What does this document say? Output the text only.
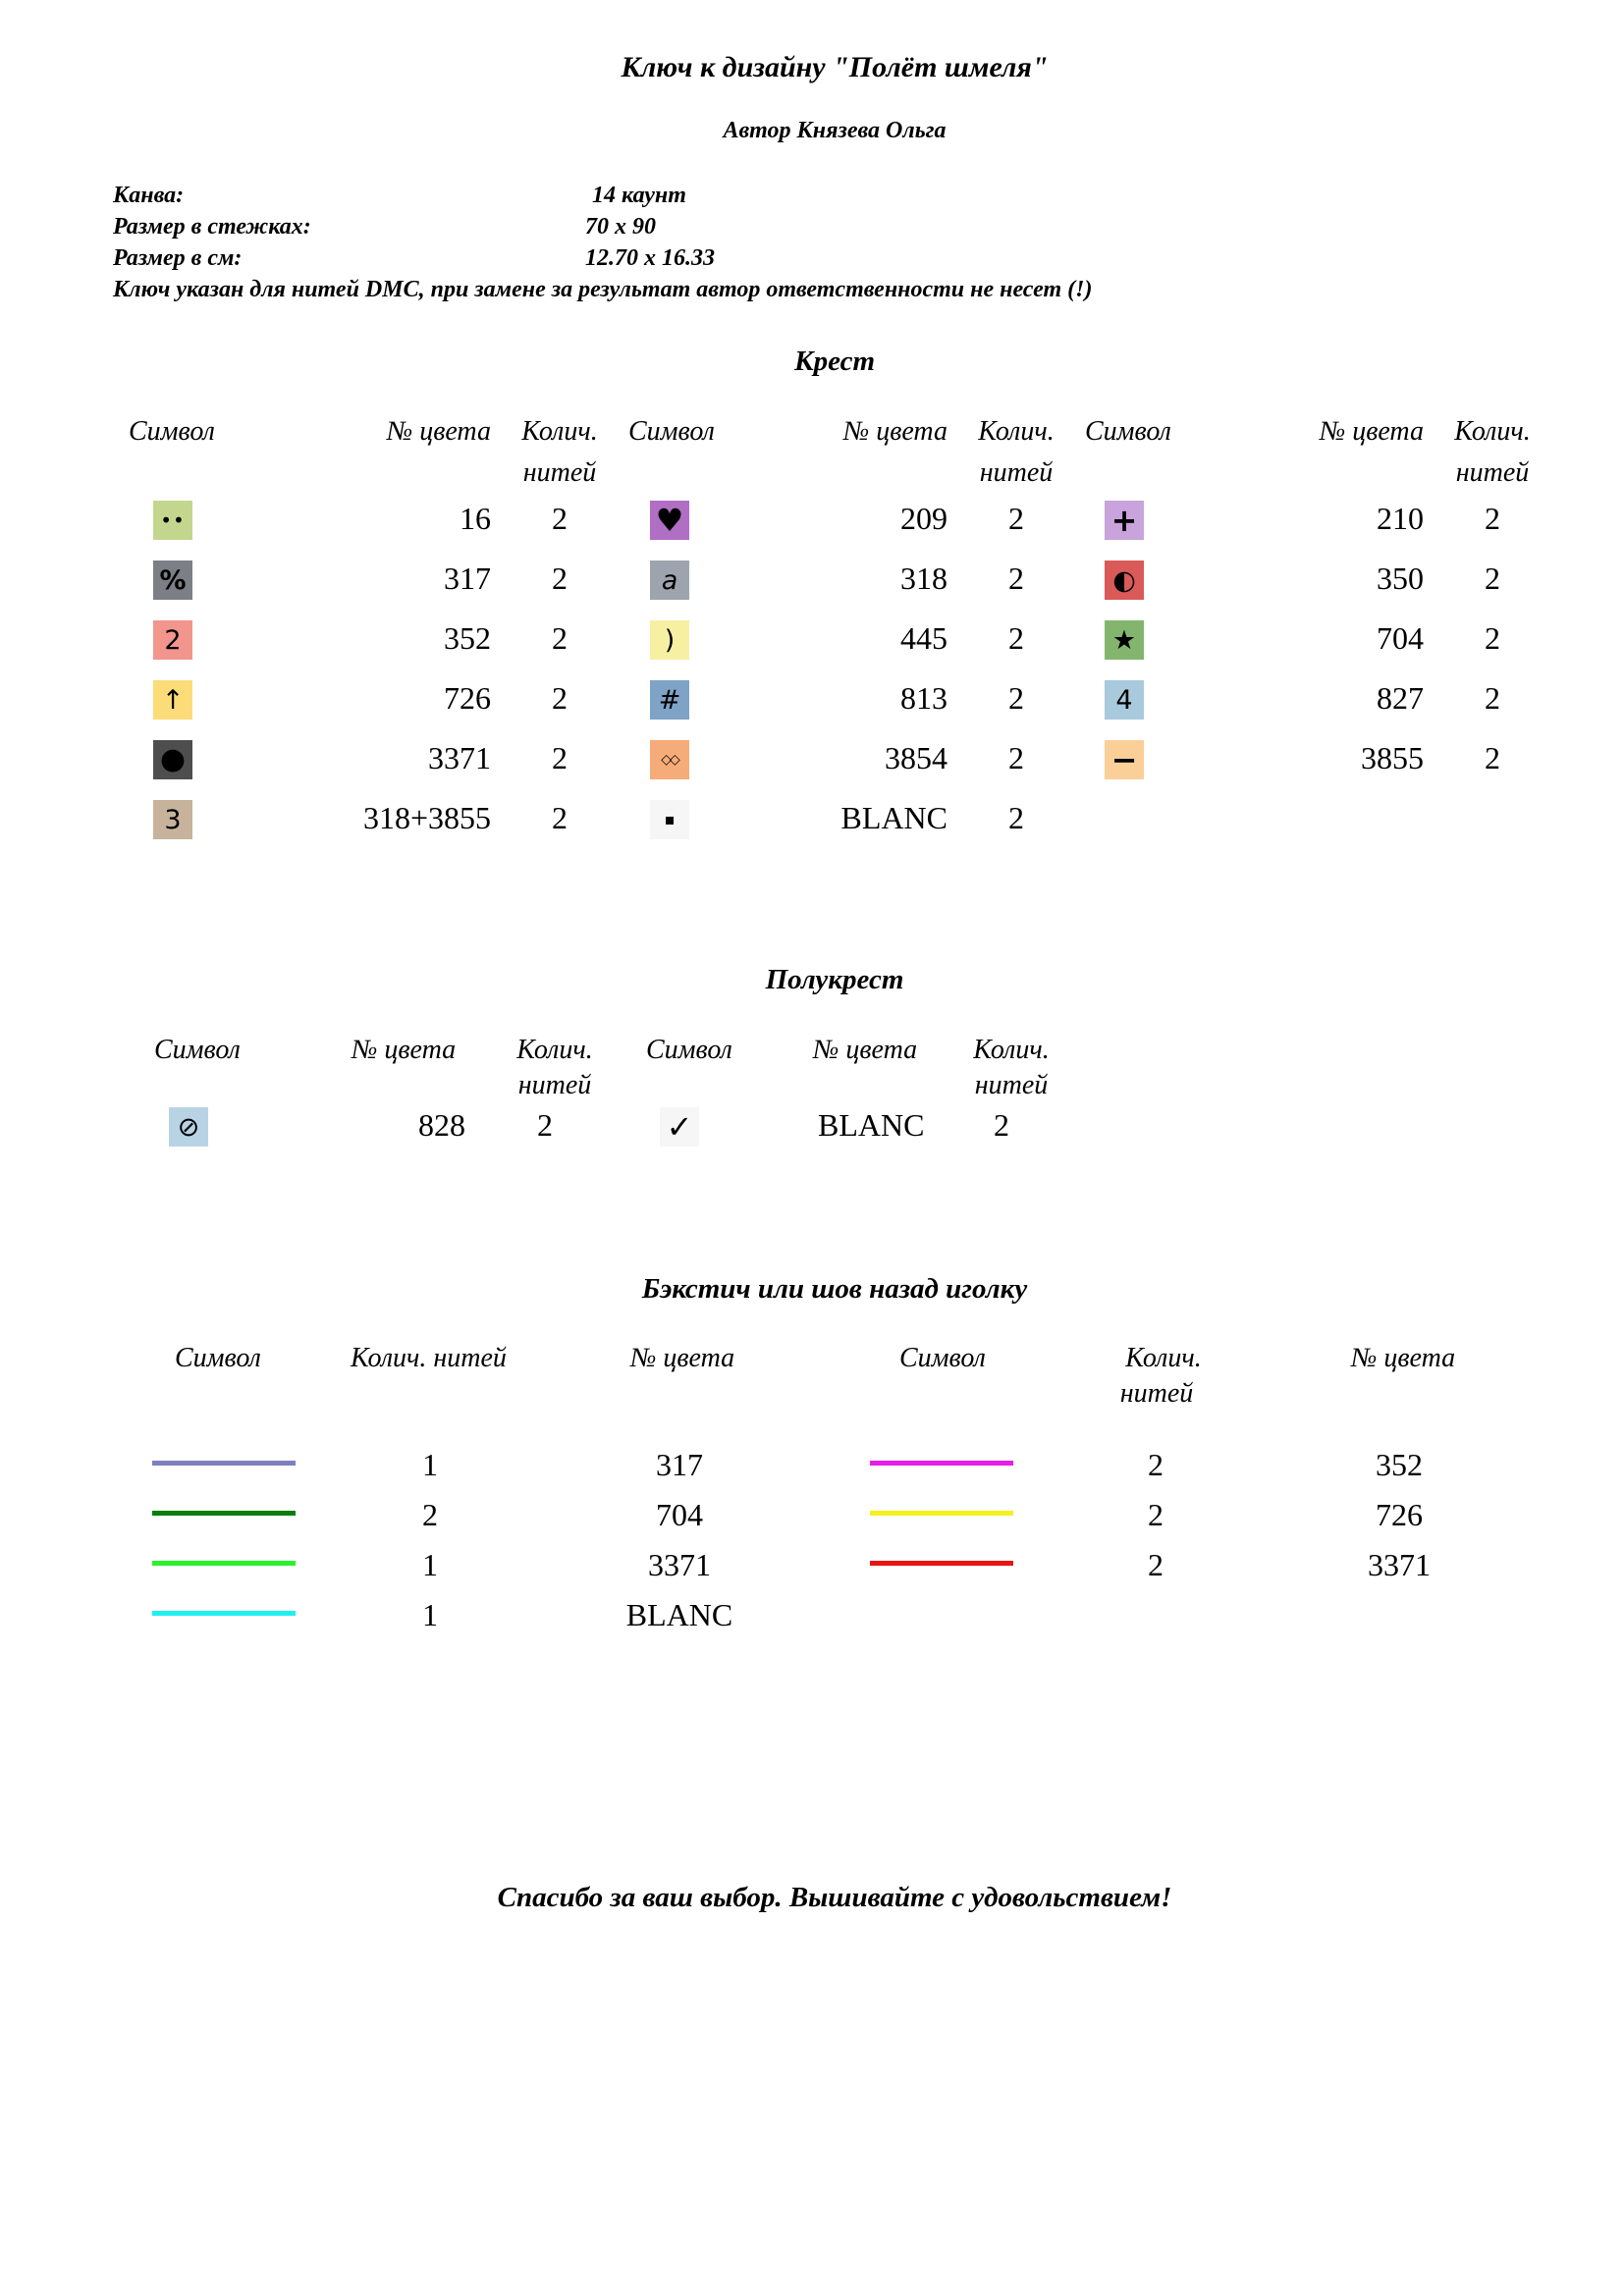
Ключ к дизайну "Полёт шмеля"
Автор Князева Ольга
Канва:	14 каунт
Размер в стежках:	70 x 90
Размер в см:	12.70 x 16.33
Ключ указан для нитей DMC, при замене за результат автор ответственности не несет (!)
Крест
Символ	№ цвета	Колич.
нитей
Символ	№ цвета	Колич.
нитей
Символ	№ цвета	Колич.
нитей
••	16	2
%	317	2
2	352	2
↑	726	2
●	3371	2
3	318+3855	2
♥	209	2
a	318	2
)	445	2
#	813	2
◇◇	3854	2
▪	BLANC	2
+	210	2
◐	350	2
★	704	2
4	827	2
−	3855	2
Полукрест
Символ	№ цвета	Колич.
нитей
Символ	№ цвета	Колич.
нитей
⊘	828	2	✓	BLANC	2
Бэкстич или шов назад иголку
Символ	Колич. нитей	№ цвета	Символ	Колич.
нитей
№ цвета
1	317
2	704
1	3371
1	BLANC
2	352
2	726
2	3371
Спасибо за ваш выбор. Вышивайте с удовольствием!
